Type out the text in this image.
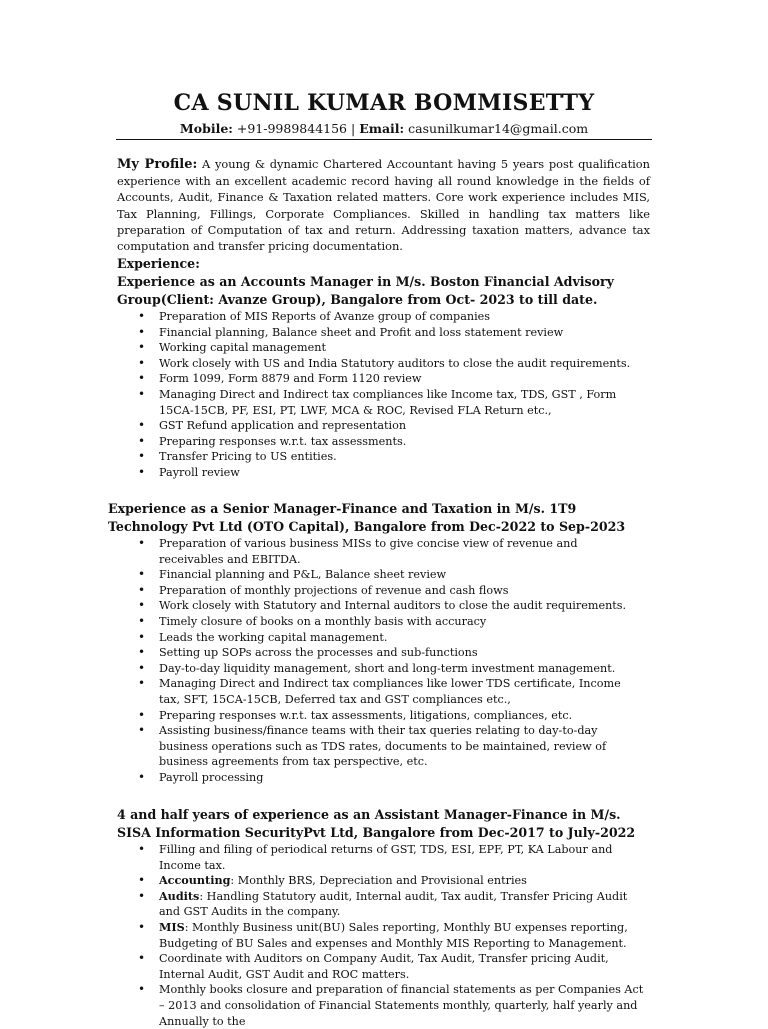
CA SUNIL KUMAR BOMMISETTY
Mobile: +91-9989844156 | Email: casunilkumar14@gmail.com

My Profile: A young & dynamic Chartered Accountant having 5 years post qualification experience with an excellent academic record having all round knowledge in the fields of Accounts, Audit, Finance & Taxation related matters. Core work experience includes MIS, Tax Planning, Fillings, Corporate Compliances. Skilled in handling tax matters like preparation of Computation of tax and return. Addressing taxation matters, advance tax computation and transfer pricing documentation.

Experience:
Experience as an Accounts Manager in M/s. Boston Financial Advisory Group(Client: Avanze Group), Bangalore from Oct- 2023 to till date.
• Preparation of MIS Reports of Avanze group of companies
• Financial planning, Balance sheet and Profit and loss statement review
• Working capital management
• Work closely with US and India Statutory auditors to close the audit requirements.
• Form 1099, Form 8879 and Form 1120 review
• Managing Direct and Indirect tax compliances like Income tax, TDS, GST , Form 15CA-15CB, PF, ESI, PT, LWF, MCA & ROC, Revised FLA Return etc.,
• GST Refund application and representation
• Preparing responses w.r.t. tax assessments.
• Transfer Pricing to US entities.
• Payroll review
Experience as a Senior Manager-Finance and Taxation in M/s. 1T9 Technology Pvt Ltd (OTO Capital), Bangalore from Dec-2022 to Sep-2023
• Preparation of various business MISs to give concise view of revenue and receivables and EBITDA.
• Financial planning and P&L, Balance sheet review
• Preparation of monthly projections of revenue and cash flows
• Work closely with Statutory and Internal auditors to close the audit requirements.
• Timely closure of books on a monthly basis with accuracy
• Leads the working capital management.
• Setting up SOPs across the processes and sub-functions
• Day-to-day liquidity management, short and long-term investment management.
• Managing Direct and Indirect tax compliances like lower TDS certificate, Income tax, SFT, 15CA-15CB, Deferred tax and GST compliances etc.,
• Preparing responses w.r.t. tax assessments, litigations, compliances, etc.
• Assisting business/finance teams with their tax queries relating to day-to-day business operations such as TDS rates, documents to be maintained, review of business agreements from tax perspective, etc.
• Payroll processing
4 and half years of experience as an Assistant Manager-Finance in M/s. SISA Information SecurityPvt Ltd, Bangalore from Dec-2017 to July-2022
• Filling and filing of periodical returns of GST, TDS, ESI, EPF, PT, KA Labour and Income tax.
• Accounting: Monthly BRS, Depreciation and Provisional entries
• Audits: Handling Statutory audit, Internal audit, Tax audit, Transfer Pricing Audit and GST Audits in the company.
• MIS: Monthly Business unit(BU) Sales reporting, Monthly BU expenses reporting, Budgeting of BU Sales and expenses and Monthly MIS Reporting to Management.
• Coordinate with Auditors on Company Audit, Tax Audit, Transfer pricing Audit, Internal Audit, GST Audit and ROC matters.
• Monthly books closure and preparation of financial statements as per Companies Act – 2013 and consolidation of Financial Statements monthly, quarterly, half yearly and Annually to the
